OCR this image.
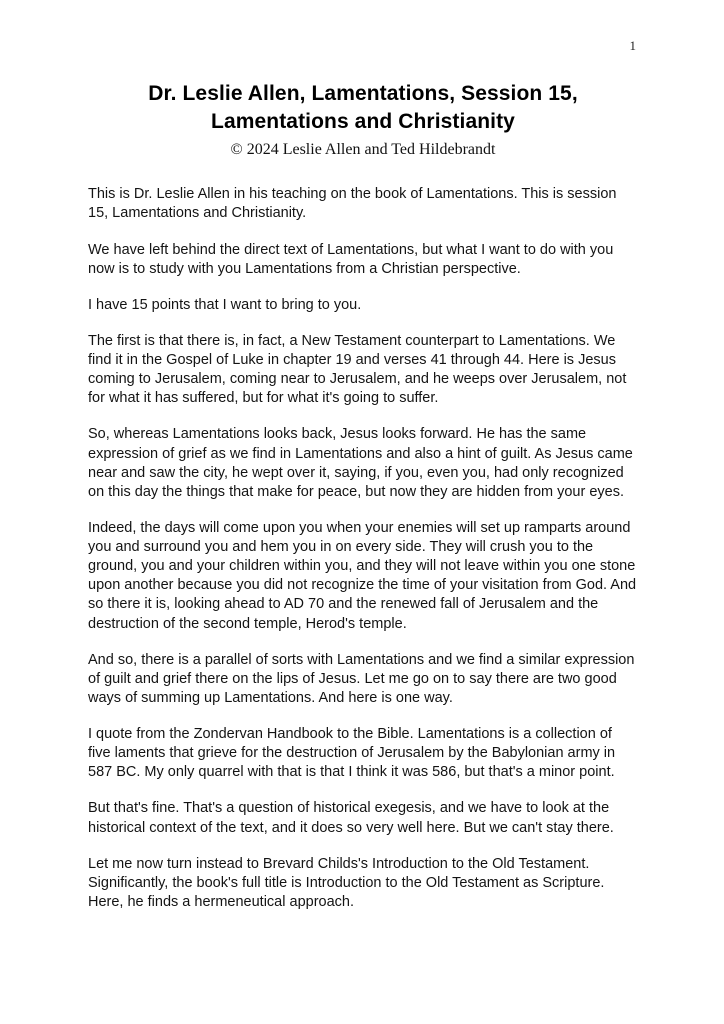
1
Dr. Leslie Allen, Lamentations, Session 15,
Lamentations and Christianity
© 2024 Leslie Allen and Ted Hildebrandt

This is Dr. Leslie Allen in his teaching on the book of Lamentations. This is session 15, Lamentations and Christianity.

We have left behind the direct text of Lamentations, but what I want to do with you now is to study with you Lamentations from a Christian perspective.

I have 15 points that I want to bring to you.

The first is that there is, in fact, a New Testament counterpart to Lamentations. We find it in the Gospel of Luke in chapter 19 and verses 41 through 44. Here is Jesus coming to Jerusalem, coming near to Jerusalem, and he weeps over Jerusalem, not for what it has suffered, but for what it's going to suffer.

So, whereas Lamentations looks back, Jesus looks forward. He has the same expression of grief as we find in Lamentations and also a hint of guilt. As Jesus came near and saw the city, he wept over it, saying, if you, even you, had only recognized on this day the things that make for peace, but now they are hidden from your eyes.

Indeed, the days will come upon you when your enemies will set up ramparts around you and surround you and hem you in on every side. They will crush you to the ground, you and your children within you, and they will not leave within you one stone upon another because you did not recognize the time of your visitation from God. And so there it is, looking ahead to AD 70 and the renewed fall of Jerusalem and the destruction of the second temple, Herod's temple.

And so, there is a parallel of sorts with Lamentations and we find a similar expression of guilt and grief there on the lips of Jesus. Let me go on to say there are two good ways of summing up Lamentations. And here is one way.

I quote from the Zondervan Handbook to the Bible. Lamentations is a collection of five laments that grieve for the destruction of Jerusalem by the Babylonian army in 587 BC. My only quarrel with that is that I think it was 586, but that's a minor point.

But that's fine. That's a question of historical exegesis, and we have to look at the historical context of the text, and it does so very well here. But we can't stay there.

Let me now turn instead to Brevard Childs's Introduction to the Old Testament. Significantly, the book's full title is Introduction to the Old Testament as Scripture. Here, he finds a hermeneutical approach.
